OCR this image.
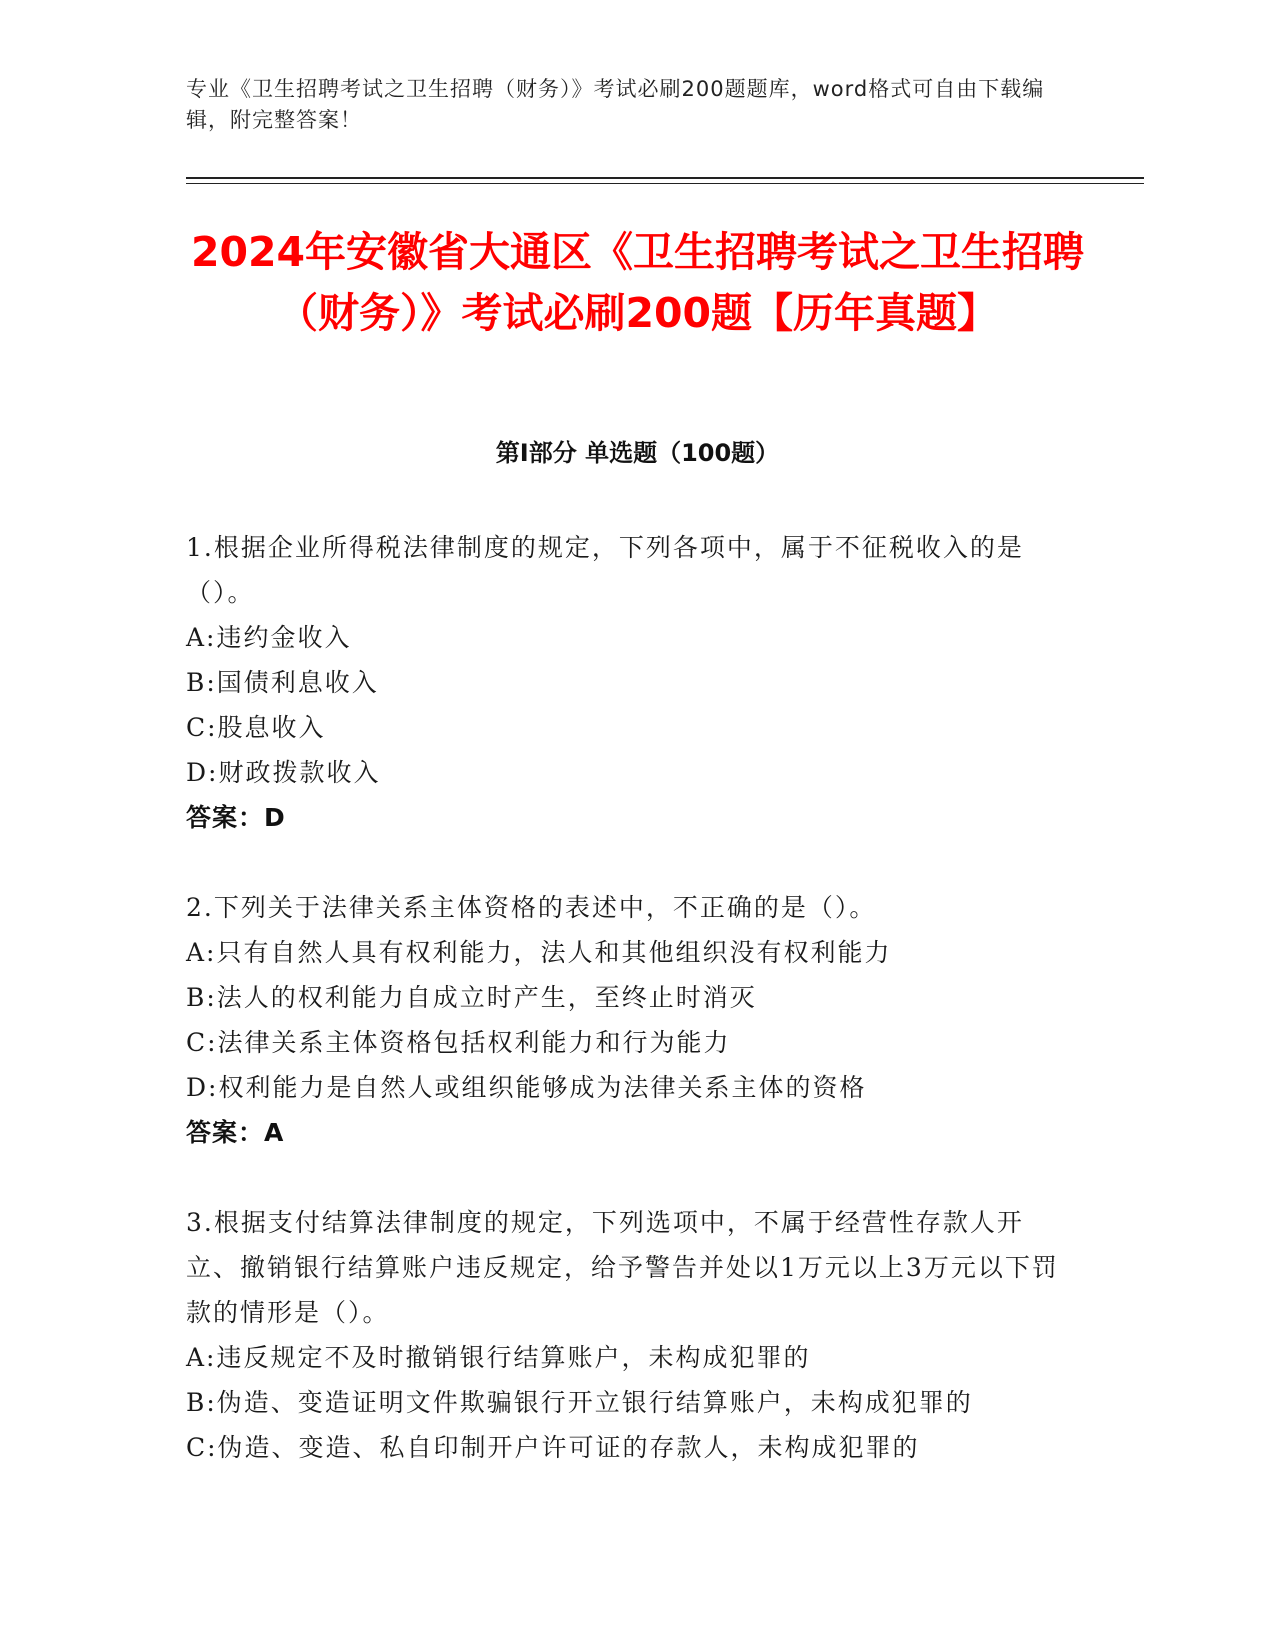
专业《卫生招聘考试之卫生招聘（财务）》考试必刷200题题库，word格式可自由下载编辑，附完整答案！
2024年安徽省大通区《卫生招聘考试之卫生招聘（财务）》考试必刷200题【历年真题】
第I部分 单选题（100题）
1.根据企业所得税法律制度的规定，下列各项中，属于不征税收入的是（）。
A:违约金收入
B:国债利息收入
C:股息收入
D:财政拨款收入
答案：D
2.下列关于法律关系主体资格的表述中，不正确的是（）。
A:只有自然人具有权利能力，法人和其他组织没有权利能力
B:法人的权利能力自成立时产生，至终止时消灭
C:法律关系主体资格包括权利能力和行为能力
D:权利能力是自然人或组织能够成为法律关系主体的资格
答案：A
3.根据支付结算法律制度的规定，下列选项中，不属于经营性存款人开立、撤销银行结算账户违反规定，给予警告并处以1万元以上3万元以下罚款的情形是（）。
A:违反规定不及时撤销银行结算账户，未构成犯罪的
B:伪造、变造证明文件欺骗银行开立银行结算账户，未构成犯罪的
C:伪造、变造、私自印制开户许可证的存款人，未构成犯罪的
